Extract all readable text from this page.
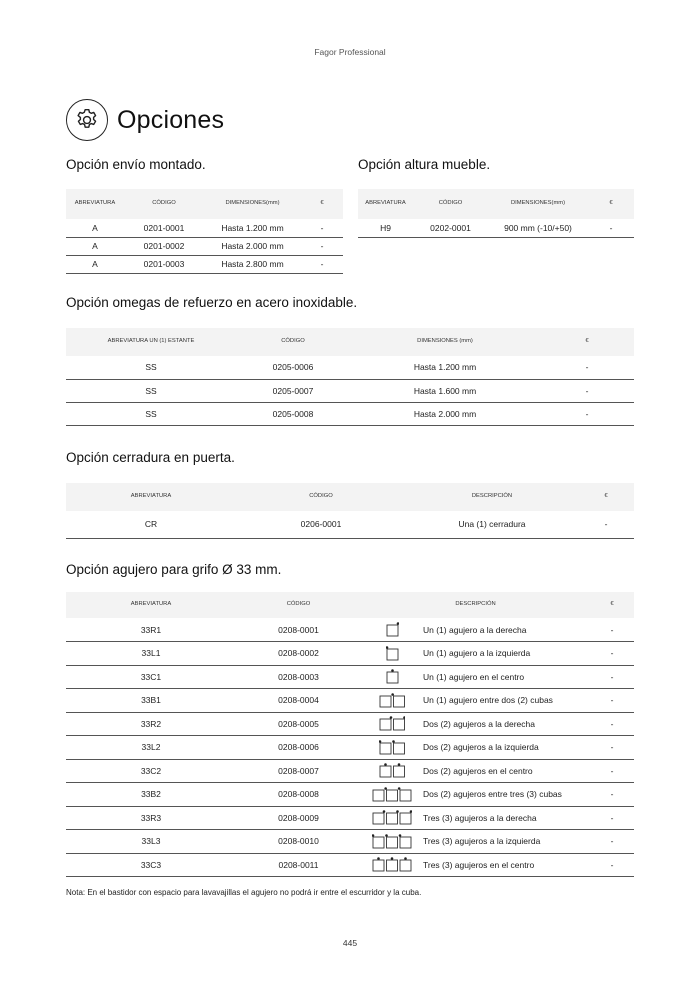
Fagor Professional
Opciones
Opción envío montado.
ABREVIATURA	CÓDIGO	DIMENSIONES(mm)	€
A	0201-0001	Hasta 1.200 mm	-
A	0201-0002	Hasta 2.000 mm	-
A	0201-0003	Hasta 2.800 mm	-
Opción altura mueble.
ABREVIATURA	CÓDIGO	DIMENSIONES(mm)	€
H9	0202-0001	900 mm (-10/+50)	-
Opción omegas de refuerzo en acero inoxidable.
ABREVIATURA UN (1) ESTANTE	CÓDIGO	DIMENSIONES (mm)	€
SS	0205-0006	Hasta 1.200 mm	-
SS	0205-0007	Hasta 1.600 mm	-
SS	0205-0008	Hasta 2.000 mm	-
Opción cerradura en puerta.
ABREVIATURA	CÓDIGO	DESCRIPCIÓN	€
CR	0206-0001	Una (1) cerradura	-
Opción agujero para grifo Ø 33 mm.
ABREVIATURA	CÓDIGO	DESCRIPCIÓN		€
33R1	0208-0001		Un (1) agujero a la derecha	-
33L1	0208-0002		Un (1) agujero a la izquierda	-
33C1	0208-0003		Un (1) agujero en el centro	-
33B1	0208-0004		Un (1) agujero entre dos (2) cubas	-
33R2	0208-0005		Dos (2) agujeros a la derecha	-
33L2	0208-0006		Dos (2) agujeros a la izquierda	-
33C2	0208-0007		Dos (2) agujeros en el centro	-
33B2	0208-0008		Dos (2) agujeros entre tres (3) cubas	-
33R3	0208-0009		Tres (3) agujeros a la derecha	-
33L3	0208-0010		Tres (3) agujeros a la izquierda	-
33C3	0208-0011		Tres (3) agujeros en el centro	-
Nota: En el bastidor con espacio para lavavajillas el agujero no podrá ir entre el escurridor y la cuba.
445
